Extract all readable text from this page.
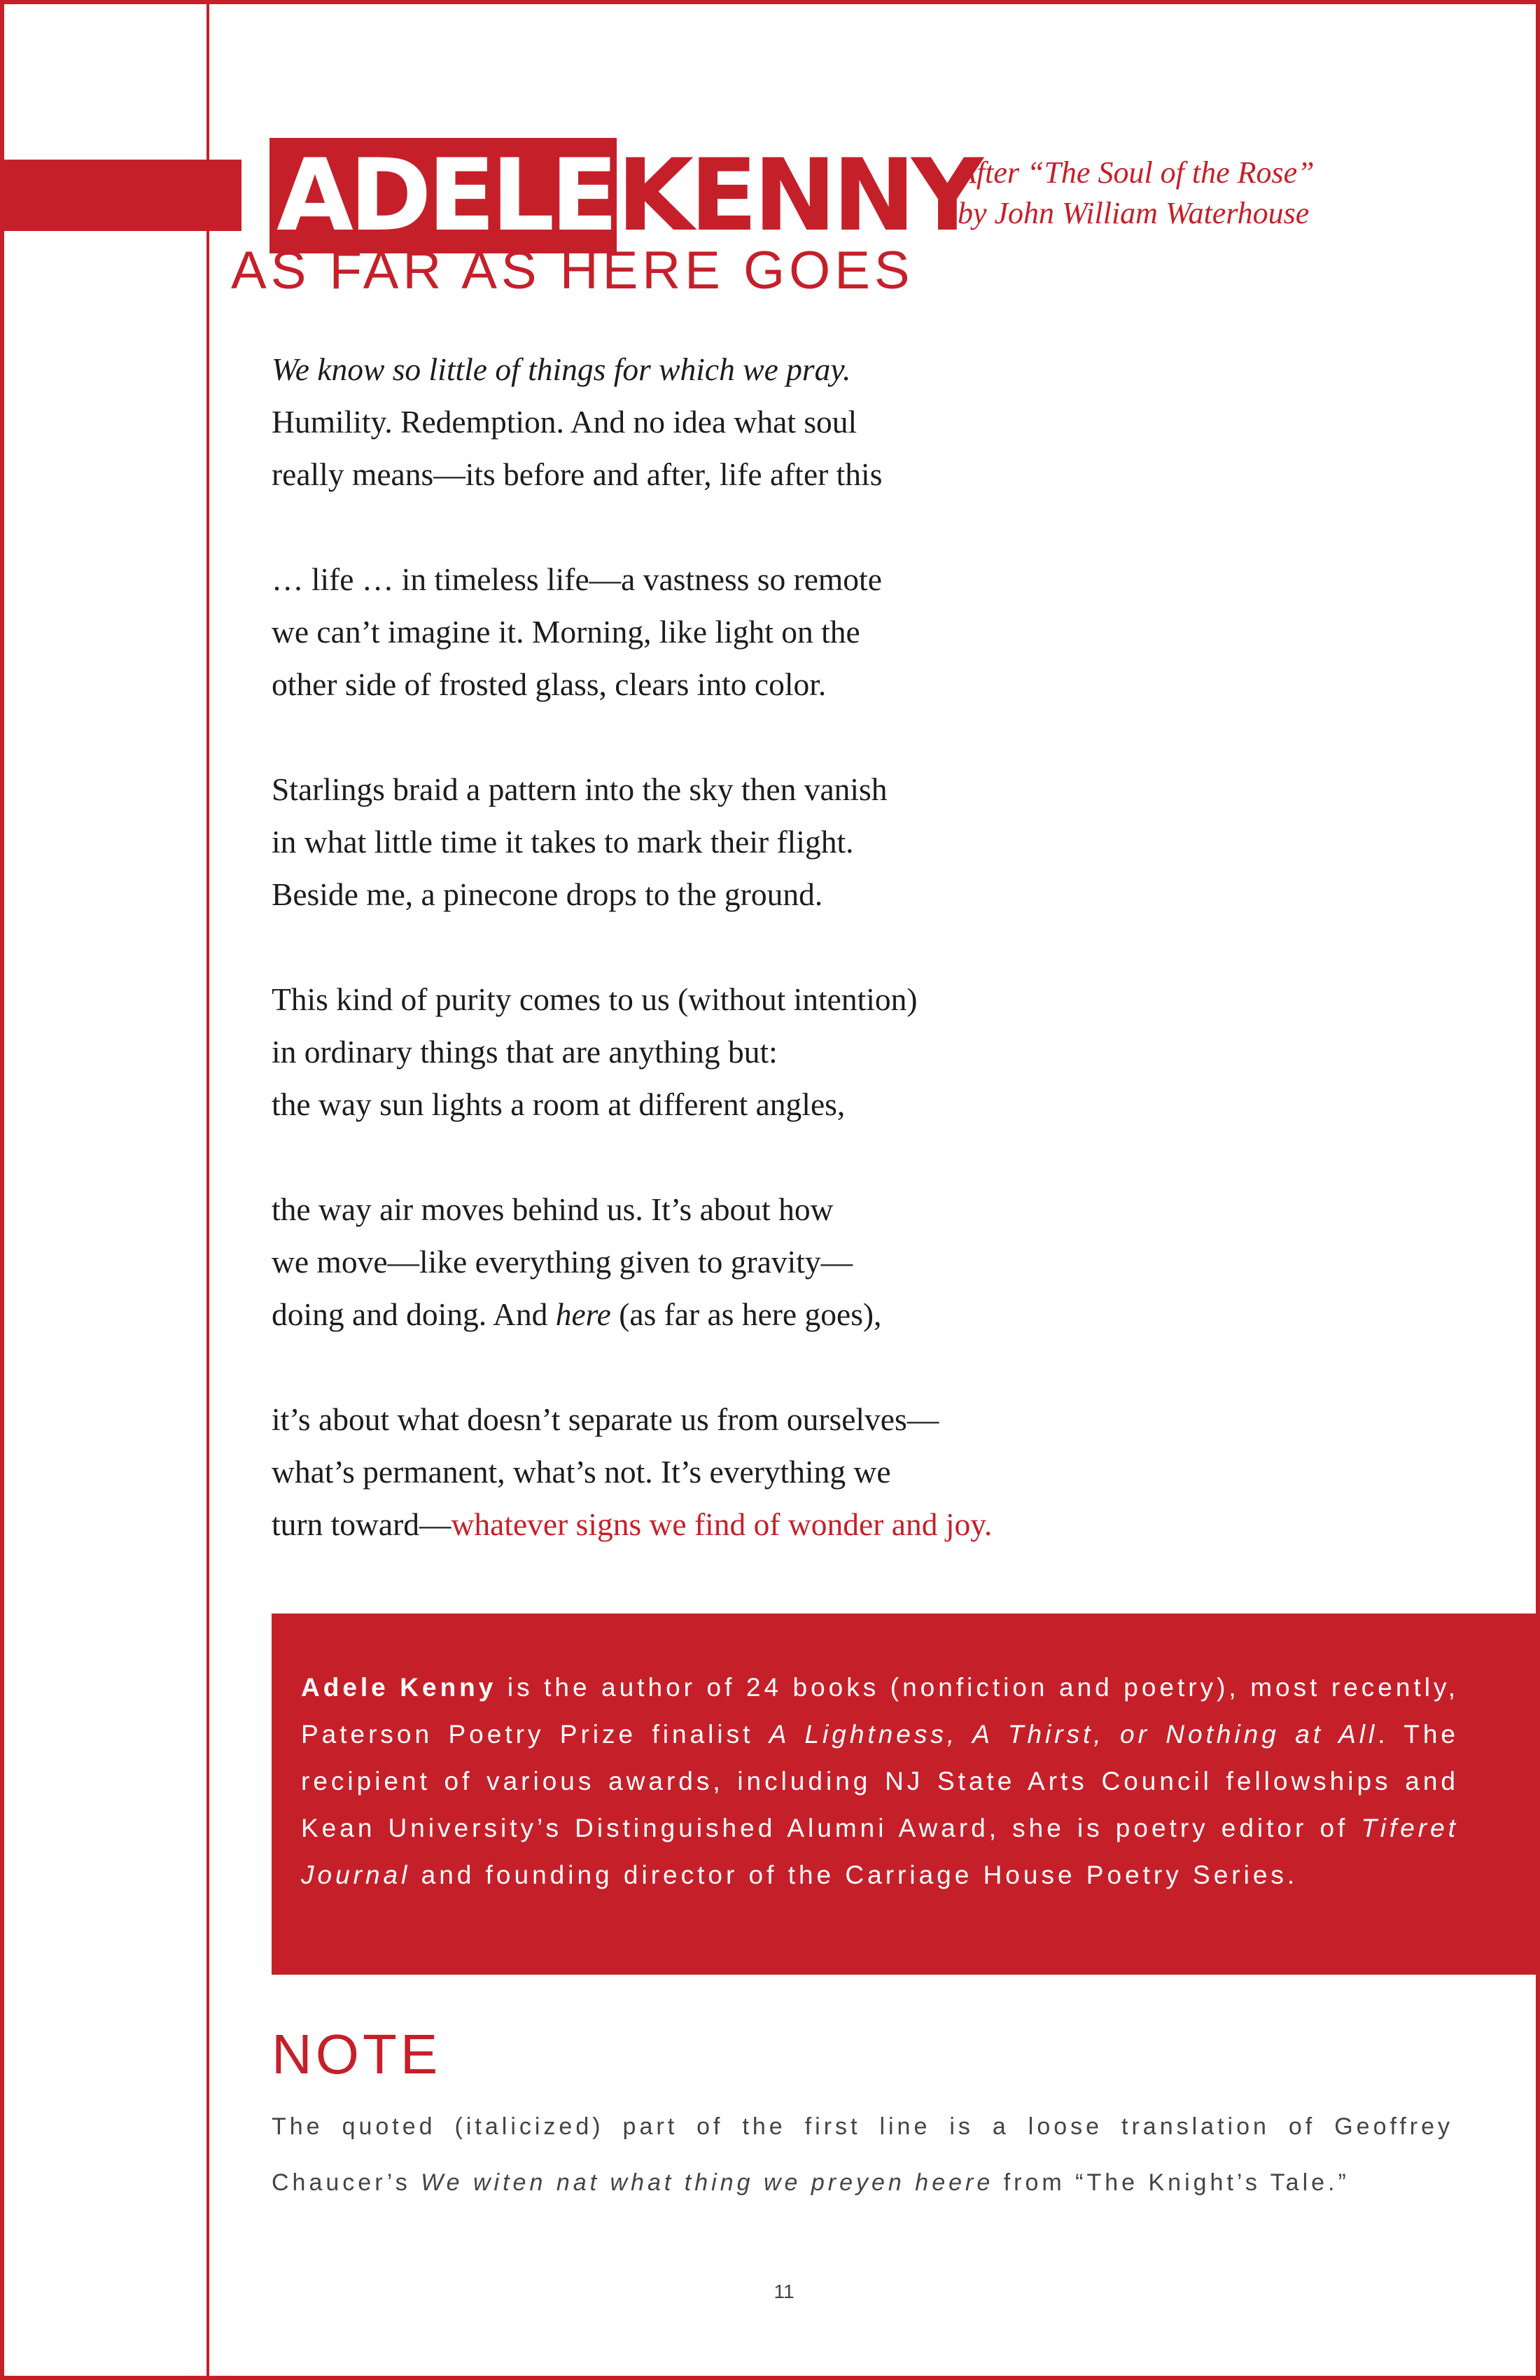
ADELEKENNY
AS FAR AS HERE GOES
After “The Soul of the Rose”
by John William Waterhouse
We know so little of things for which we pray.
Humility. Redemption. And no idea what soul
really means—its before and after, life after this
… life … in timeless life—a vastness so remote
we can’t imagine it. Morning, like light on the
other side of frosted glass, clears into color.
Starlings braid a pattern into the sky then vanish
in what little time it takes to mark their flight.
Beside me, a pinecone drops to the ground.
This kind of purity comes to us (without intention)
in ordinary things that are anything but:
the way sun lights a room at different angles,
the way air moves behind us. It’s about how
we move—like everything given to gravity—
doing and doing. And here (as far as here goes),
it’s about what doesn’t separate us from ourselves—
what’s permanent, what’s not. It’s everything we
turn toward—whatever signs we find of wonder and joy.

Adele Kenny is the author of 24 books (nonfiction and poetry), most recently, Paterson Poetry Prize finalist A Lightness, A Thirst, or Nothing at All. The recipient of various awards, including NJ State Arts Council fellowships and Kean University’s Distinguished Alumni Award, she is poetry editor of Tiferet Journal and founding director of the Carriage House Poetry Series.

NOTE

The quoted (italicized) part of the first line is a loose translation of Geoffrey Chaucer’s We witen nat what thing we preyen heere from “The Knight’s Tale.”

11
